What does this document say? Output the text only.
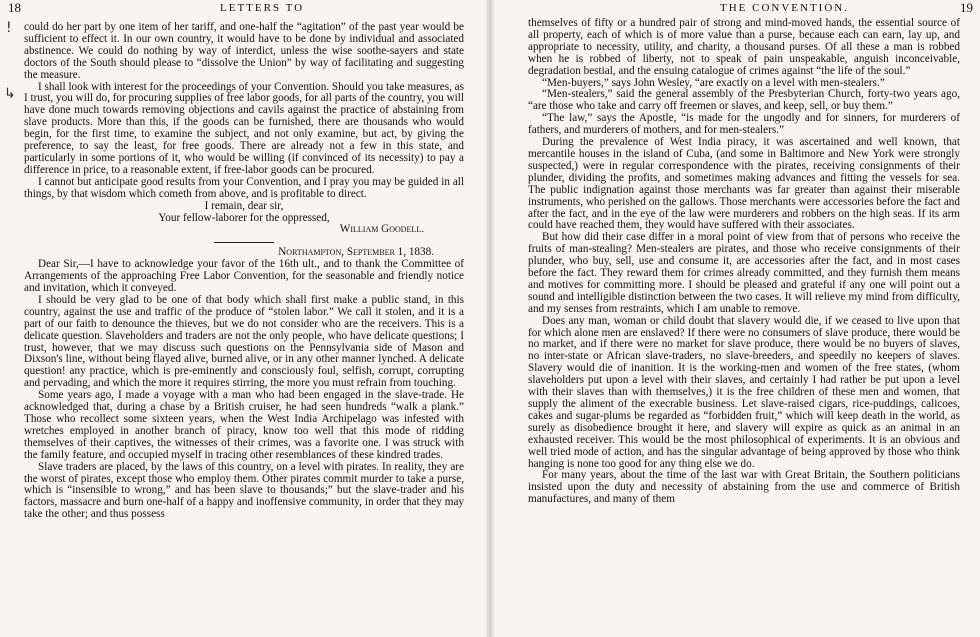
18	LETTERS TO
!
↳

could do her part by one item of her tariff, and one-half the “agitation” of the past year would be sufficient to effect it. In our own country, it would have to be done by individual and associated abstinence. We could do nothing by way of interdict, unless the wise soothe-sayers and state doctors of the South should please to “dissolve the Union” by way of facilitating and suggesting the measure.

I shall look with interest for the proceedings of your Convention. Should you take measures, as I trust, you will do, for procuring supplies of free labor goods, for all parts of the country, you will have done much towards removing objections and cavils against the practice of abstaining from slave products. More than this, if the goods can be furnished, there are thousands who would begin, for the first time, to examine the subject, and not only examine, but act, by giving the preference, to say the least, for free goods. There are already not a few in this state, and particularly in some portions of it, who would be willing (if convinced of its necessity) to pay a difference in price, to a reasonable extent, if free-labor goods can be procured.

I cannot but anticipate good results from your Convention, and I pray you may be guided in all things, by that wisdom which cometh from above, and is profitable to direct.

I remain, dear sir,

Your fellow-laborer for the oppressed,

William Goodell.

Northampton, September 1, 1838.

Dear Sir,—I have to acknowledge your favor of the 16th ult., and to thank the Committee of Arrangements of the approaching Free Labor Convention, for the seasonable and friendly notice and invitation, which it conveyed.

I should be very glad to be one of that body which shall first make a public stand, in this country, against the use and traffic of the produce of “stolen labor.” We call it stolen, and it is a part of our faith to denounce the thieves, but we do not consider who are the receivers. This is a delicate question. Slaveholders and traders are not the only people, who have delicate questions; I trust, however, that we may discuss such questions on the Pennsylvania side of Mason and Dixson's line, without being flayed alive, burned alive, or in any other manner lynched. A delicate question! any practice, which is pre-eminently and consciously foul, selfish, corrupt, corrupting and pervading, and which the more it requires stirring, the more you must refrain from touching.

Some years ago, I made a voyage with a man who had been engaged in the slave-trade. He acknowledged that, during a chase by a British cruiser, he had seen hundreds “walk a plank.” Those who recollect some sixteen years, when the West India Archipelago was infested with wretches employed in another branch of piracy, know too well that this mode of ridding themselves of their captives, the witnesses of their crimes, was a favorite one. I was struck with the family feature, and occupied myself in tracing other resemblances of these kindred trades.

Slave traders are placed, by the laws of this country, on a level with pirates. In reality, they are the worst of pirates, except those who employ them. Other pirates commit murder to take a purse, which is “insensible to wrong,” and has been slave to thousands;” but the slave-trader and his factors, massacre and burn one-half of a happy and inoffensive community, in order that they may take the other; and thus possess

THE CONVENTION.	19

themselves of fifty or a hundred pair of strong and mind-moved hands, the essential source of all property, each of which is of more value than a purse, because each can earn, lay up, and appropriate to necessity, utility, and charity, a thousand purses. Of all these a man is robbed when he is robbed of liberty, not to speak of pain unspeakable, anguish inconceivable, degradation bestial, and the ensuing catalogue of crimes against “the life of the soul.”

“Men-buyers,” says John Wesley, “are exactly on a level with men-stealers.”

“Men-stealers,” said the general assembly of the Presbyterian Church, forty-two years ago, “are those who take and carry off freemen or slaves, and keep, sell, or buy them.”

“The law,” says the Apostle, “is made for the ungodly and for sinners, for murderers of fathers, and murderers of mothers, and for men-stealers.”

During the prevalence of West India piracy, it was ascertained and well known, that mercantile houses in the island of Cuba, (and some in Baltimore and New York were strongly suspected,) were in regular correspondence with the pirates, receiving consignments of their plunder, dividing the profits, and sometimes making advances and fitting the vessels for sea. The public indignation against those merchants was far greater than against their miserable instruments, who perished on the gallows. Those merchants were accessories before the fact and after the fact, and in the eye of the law were murderers and robbers on the high seas. If its arm could have reached them, they would have suffered with their associates.

But how did their case differ in a moral point of view from that of persons who receive the fruits of man-stealing? Men-stealers are pirates, and those who receive consignments of their plunder, who buy, sell, use and consume it, are accessories after the fact, and in most cases before the fact. They reward them for crimes already committed, and they furnish them means and motives for committing more. I should be pleased and grateful if any one will point out a sound and intelligible distinction between the two cases. It will relieve my mind from difficulty, and my senses from restraints, which I am unable to remove.

Does any man, woman or child doubt that slavery would die, if we ceased to live upon that for which alone men are enslaved? If there were no consumers of slave produce, there would be no market, and if there were no market for slave produce, there would be no buyers of slaves, no inter-state or African slave-traders, no slave-breeders, and speedily no keepers of slaves. Slavery would die of inanition. It is the working-men and women of the free states, (whom slaveholders put upon a level with their slaves, and certainly I had rather be put upon a level with their slaves than with themselves,) it is the free children of these men and women, that supply the aliment of the execrable business. Let slave-raised cigars, rice-puddings, calicoes, cakes and sugar-plums be regarded as “forbidden fruit,” which will keep death in the world, as surely as disobedience brought it here, and slavery will expire as quick as an animal in an exhausted receiver. This would be the most philosophical of experiments. It is an obvious and well tried mode of action, and has the singular advantage of being approved by those who think hanging is none too good for any thing else we do.

For many years, about the time of the last war with Great Britain, the Southern politicians insisted upon the duty and necessity of abstaining from the use and commerce of British manufactures, and many of them
